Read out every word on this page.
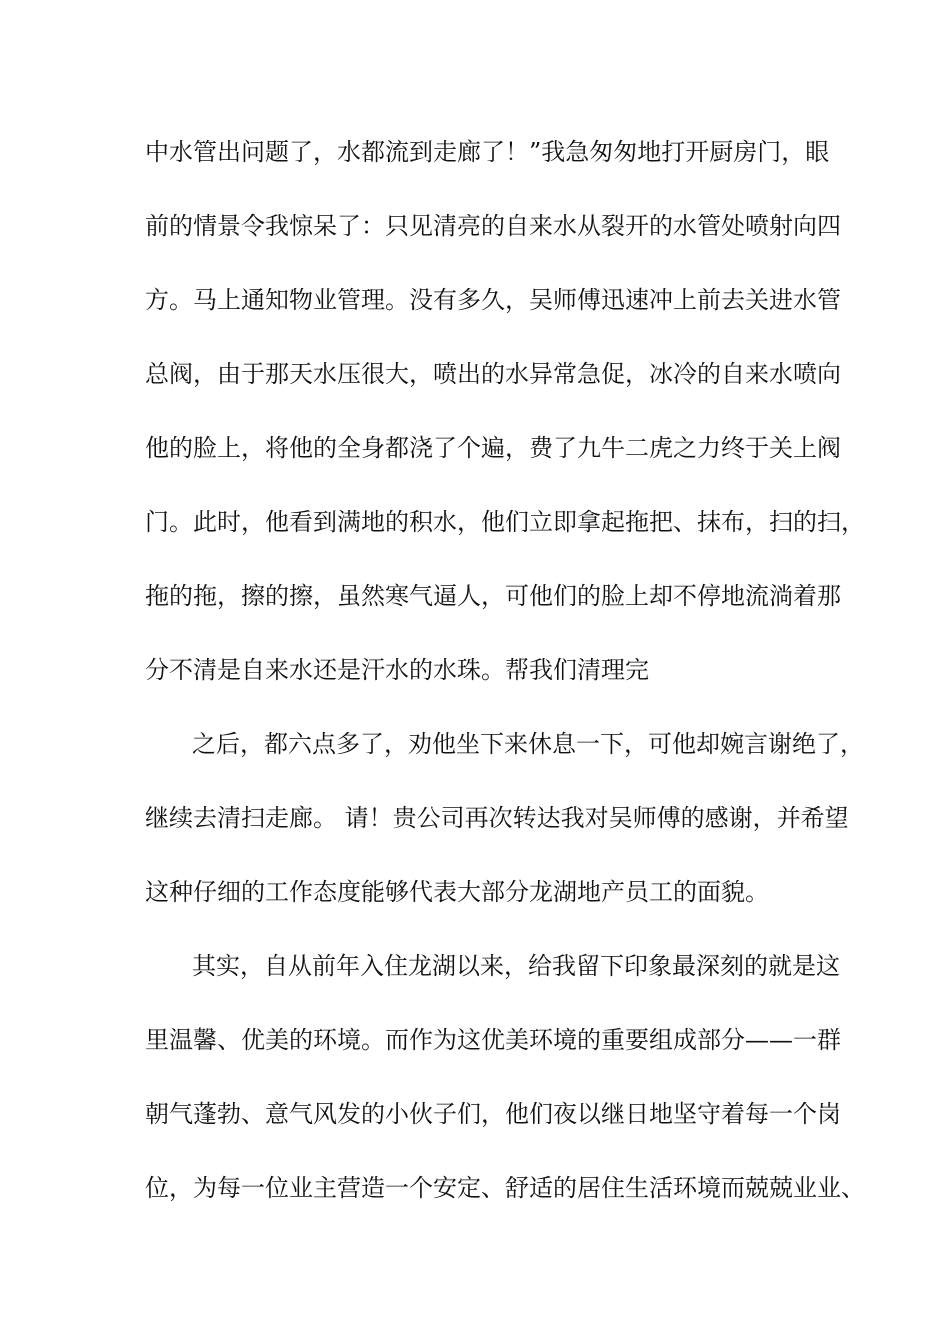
中水管出问题了，水都流到走廊了！”我急匆匆地打开厨房门，眼
前的情景令我惊呆了：只见清亮的自来水从裂开的水管处喷射向四
方。马上通知物业管理。没有多久，吴师傅迅速冲上前去关进水管
总阀，由于那天水压很大，喷出的水异常急促，冰冷的自来水喷向
他的脸上，将他的全身都浇了个遍，费了九牛二虎之力终于关上阀
门。此时，他看到满地的积水，他们立即拿起拖把、抹布，扫的扫，
拖的拖，擦的擦，虽然寒气逼人，可他们的脸上却不停地流淌着那
分不清是自来水还是汗水的水珠。帮我们清理完
之后，都六点多了，劝他坐下来休息一下，可他却婉言谢绝了，
继续去清扫走廊。 请！贵公司再次转达我对吴师傅的感谢，并希望
这种仔细的工作态度能够代表大部分龙湖地产员工的面貌。
其实，自从前年入住龙湖以来，给我留下印象最深刻的就是这
里温馨、优美的环境。而作为这优美环境的重要组成部分——一群
朝气蓬勃、意气风发的小伙子们，他们夜以继日地坚守着每一个岗
位，为每一位业主营造一个安定、舒适的居住生活环境而兢兢业业、
